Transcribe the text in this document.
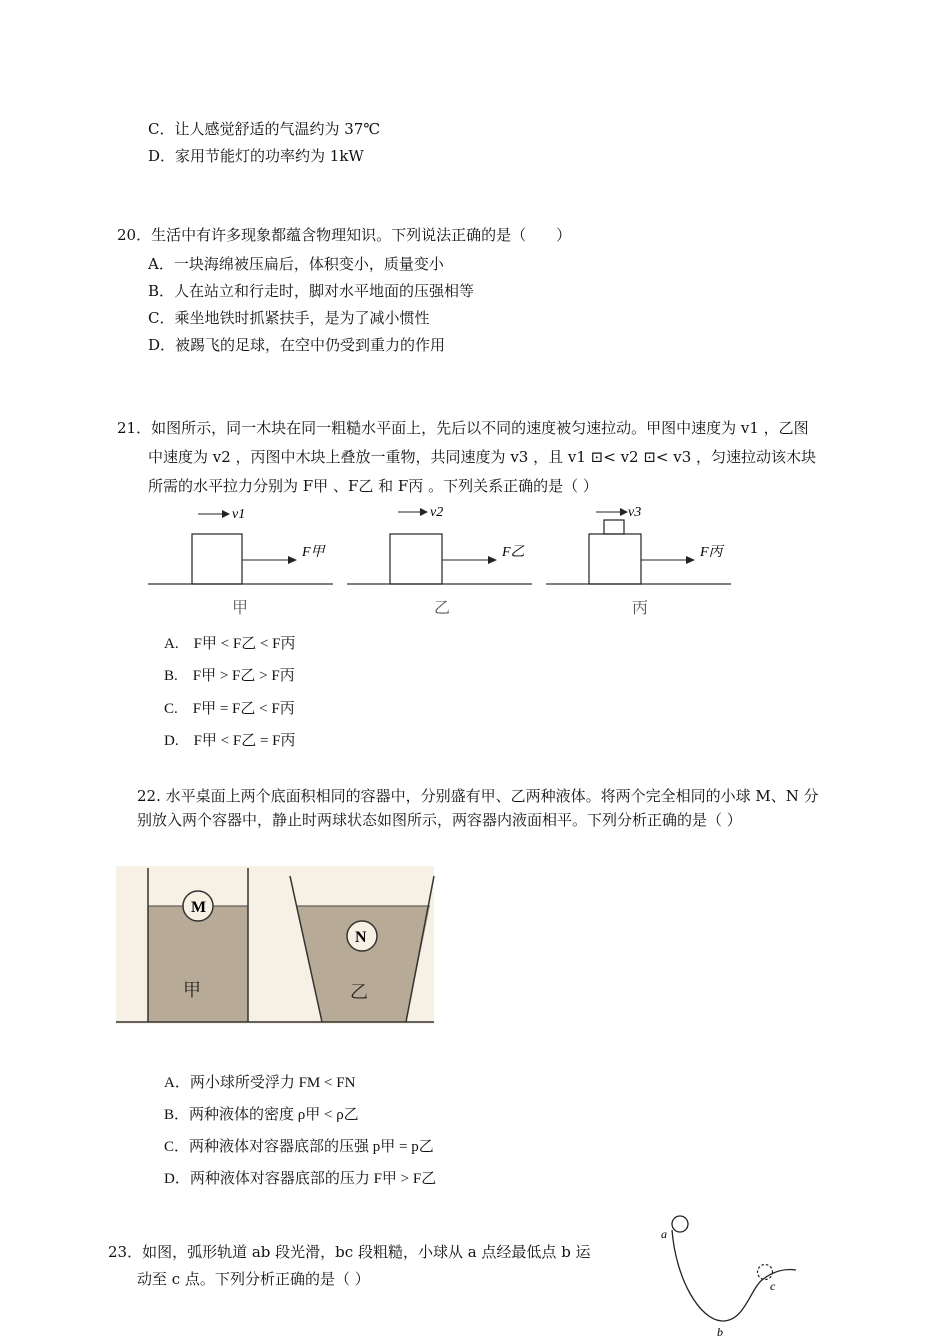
C．让人感觉舒适的气温约为 37℃
D．家用节能灯的功率约为 1kW
20．生活中有许多现象都蕴含物理知识。下列说法正确的是（　　）
A．一块海绵被压扁后，体积变小，质量变小
B．人在站立和行走时，脚对水平地面的压强相等
C．乘坐地铁时抓紧扶手，是为了减小惯性
D．被踢飞的足球，在空中仍受到重力的作用
21．如图所示，同一木块在同一粗糙水平面上，先后以不同的速度被匀速拉动。甲图中速度为 v1 ，乙图
中速度为 v2 ，丙图中木块上叠放一重物，共同速度为 v3 ，且 v1 ⊡< v2 ⊡< v3 ，匀速拉动该木块
所需的水平拉力分别为 F甲 、F乙 和 F丙 。下列关系正确的是（ ）
v1
F甲
甲
v2
F乙
乙
v3
F丙
丙
M
甲
N
乙
a
b
c
A.　F甲 < F乙 < F丙
B.　F甲 > F乙 > F丙
C.　F甲 = F乙 < F丙
D.　F甲 < F乙 = F丙
22. 水平桌面上两个底面积相同的容器中，分别盛有甲、乙两种液体。将两个完全相同的小球 M、N 分
别放入两个容器中，静止时两球状态如图所示，两容器内液面相平。下列分析正确的是（ ）
A．两小球所受浮力 FM < FN
B．两种液体的密度 ρ甲 < ρ乙
C．两种液体对容器底部的压强 p甲 = p乙
D．两种液体对容器底部的压力 F甲 > F乙
23．如图，弧形轨道 ab 段光滑，bc 段粗糙，小球从 a 点经最低点 b 运
动至 c 点。下列分析正确的是（ ）
